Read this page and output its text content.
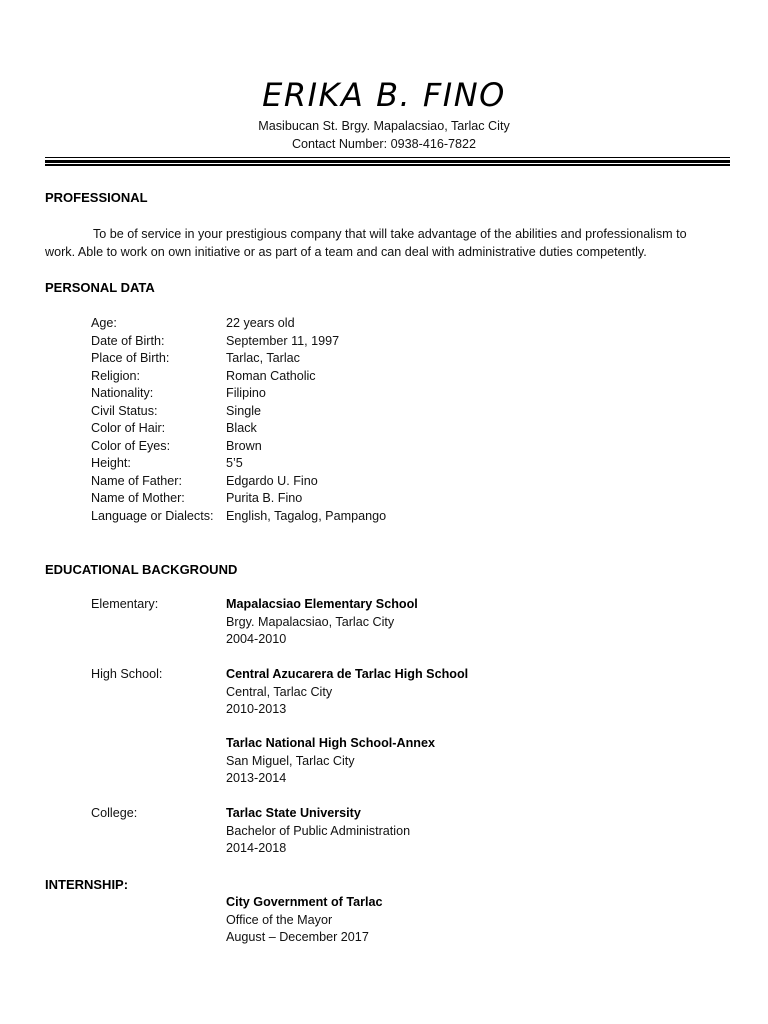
ERIKA B. FINO
Masibucan St. Brgy. Mapalacsiao, Tarlac City
Contact Number: 0938-416-7822
PROFESSIONAL
To be of service in your prestigious company that will take advantage of the abilities and professionalism to work. Able to work on own initiative or as part of a team and can deal with administrative duties competently.
PERSONAL DATA
Age:	22 years old
Date of Birth:	September 11, 1997
Place of Birth:	Tarlac, Tarlac
Religion:	Roman Catholic
Nationality:	Filipino
Civil Status:	Single
Color of Hair:	Black
Color of Eyes:	Brown
Height:	5’5
Name of Father:	Edgardo U. Fino
Name of Mother:	Purita B. Fino
Language or Dialects: English, Tagalog, Pampango
EDUCATIONAL BACKGROUND
Elementary:	Mapalacsiao Elementary School
Brgy. Mapalacsiao, Tarlac City
2004-2010
High School:	Central Azucarera de Tarlac High School
Central, Tarlac City
2010-2013
Tarlac National High School-Annex
San Miguel, Tarlac City
2013-2014
College:	Tarlac State University
Bachelor of Public Administration
2014-2018
INTERNSHIP:
City Government of Tarlac
Office of the Mayor
August – December 2017
